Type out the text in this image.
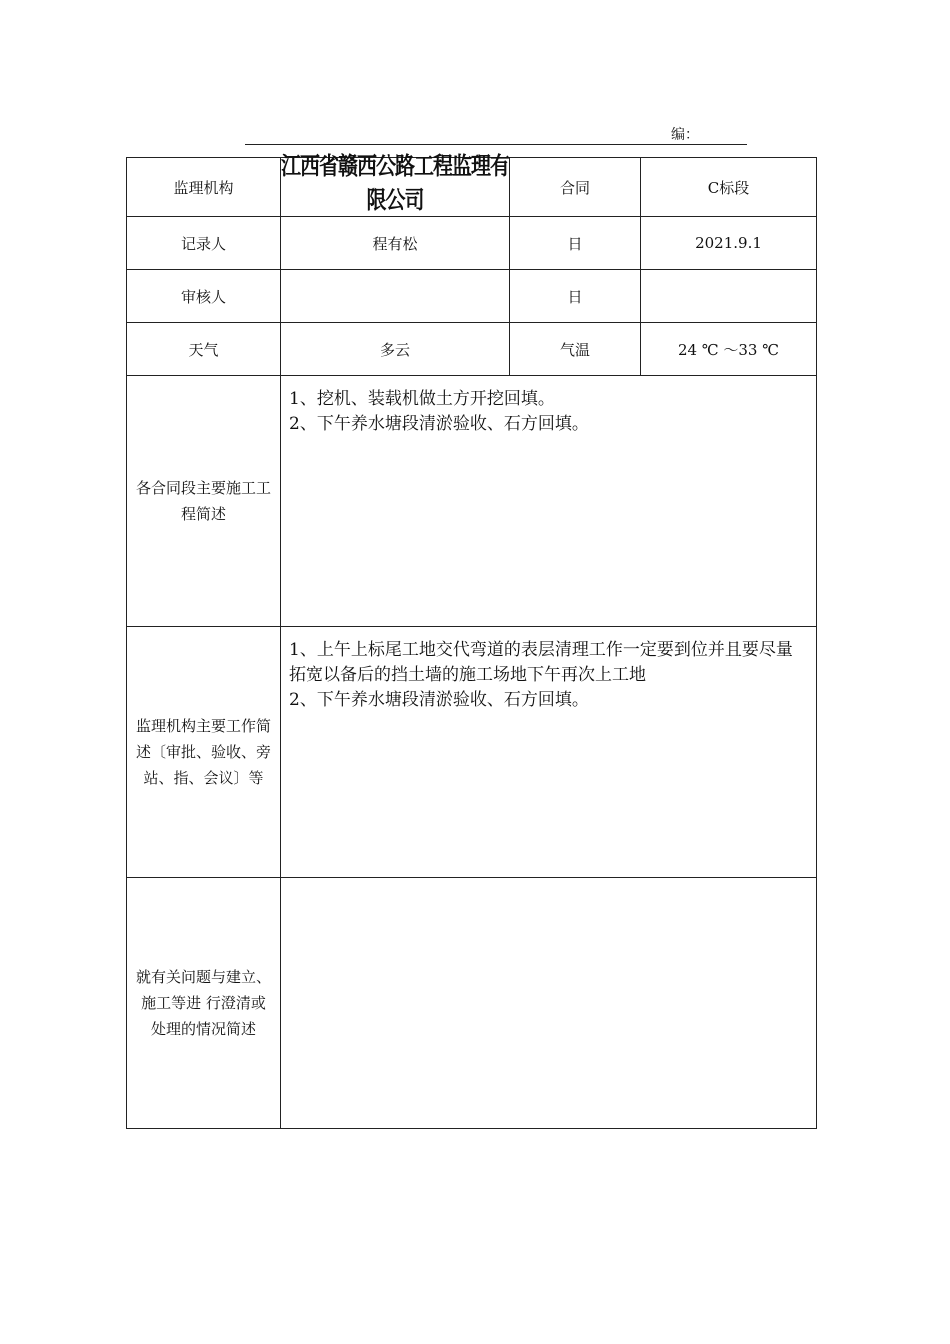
编：
监理机构	江西省赣西公路工程监理有限公司	合同	C标段
记录人	程有松	日	2021.9.1
审核人		日	
天气	多云	气温	24 ℃ ～33 ℃
各合同段主要施工工程简述	1、挖机、装载机做土方开挖回填。
2、下午养水塘段清淤验收、石方回填。		

监理机构主要工作简述〔审批、验收、旁站、指、会议〕等	1、上午上标尾工地交代弯道的表层清理工作一定要到位并且要尽量拓宽以备后的挡土墙的施工场地下午再次上工地
2、下午养水塘段清淤验收、石方回填。		

就有关问题与建立、施工等进 行澄清或处理的情况简述			
